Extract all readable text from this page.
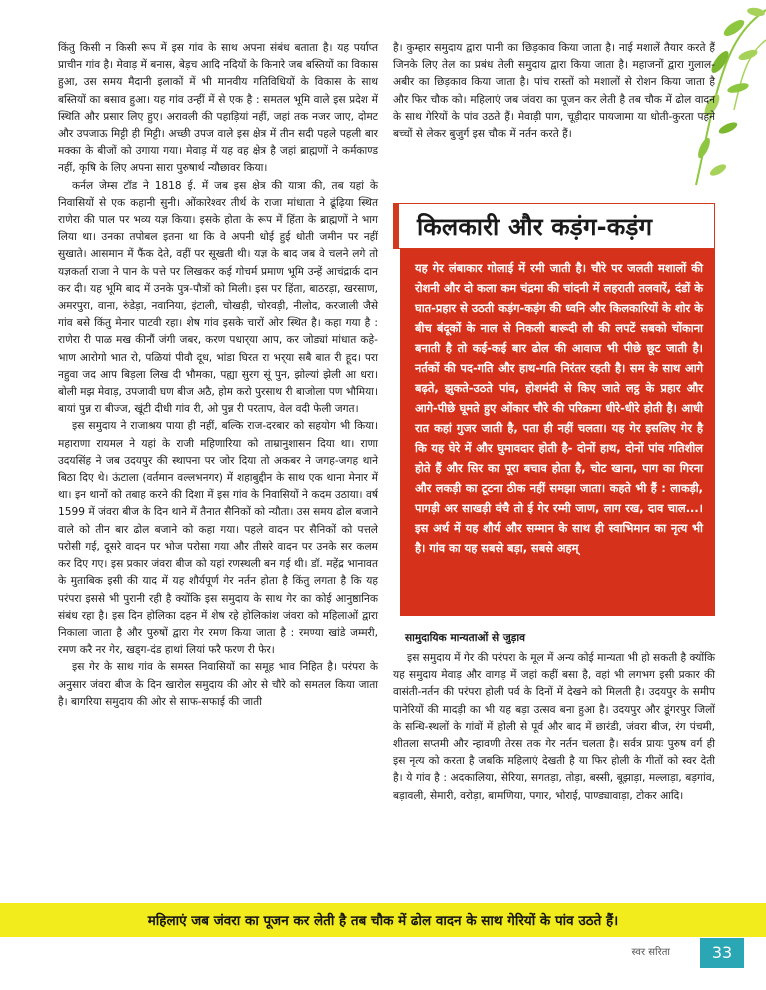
किंतु किसी न किसी रूप में इस गांव के साथ अपना संबंध बताता है। यह पर्याप्त प्राचीन गांव है। मेवाड़ में बनास, बेड़च आदि नदियों के किनारे जब बस्तियों का विकास हुआ, उस समय मैदानी इलाकों में भी मानवीय गतिविधियों के विकास के साथ बस्तियों का बसाव हुआ। यह गांव उन्हीं में से एक है : समतल भूमि वाले इस प्रदेश में स्थिति और प्रसार लिए हुए। अरावली की पहाड़ियां नहीं, जहां तक नजर जाए, दोमट और उपजाऊ मिट्टी ही मिट्टी। अच्छी उपज वाले इस क्षेत्र में तीन सदी पहले पहली बार मक्का के बीजों को उगाया गया। मेवाड़ में यह वह क्षेत्र है जहां ब्राह्मणों ने कर्मकाण्ड नहीं, कृषि के लिए अपना सारा पुरुषार्थ न्यौछावर किया।

कर्नल जेम्स टॉड ने 1818 ई. में जब इस क्षेत्र की यात्रा की, तब यहां के निवासियों से एक कहानी सुनी। ओंकारेश्वर तीर्थ के राजा मांधाता ने ढूंढ़िया स्थित राणेरा की पाल पर भव्य यज्ञ किया। इसके होता के रूप में हिंता के ब्राह्मणों ने भाग लिया था। उनका तपोबल इतना था कि वे अपनी धोई हुई धोती जमीन पर नहीं सुखाते। आसमान में फैंक देते, वहीं पर सूखती थी। यज्ञ के बाद जब वे चलने लगे तो यज्ञकर्ता राजा ने पान के पत्ते पर लिखकर कई गोचर्म प्रमाण भूमि उन्हें आचंद्रार्क दान कर दी। यह भूमि बाद में उनके पुत्र-पौत्रों को मिली। इस पर हिंता, बाठरड़ा, खरसाण, अमरपुरा, वाना, रुंडेड़ा, नवानिया, इंटाली, चोखड़ी, चोरवड़ी, नीलोद, करजाली जैसे गांव बसे किंतु मेनार पाटवी रहा। शेष गांव इसके चारों ओर स्थित है। कहा गया है : राणेरा री पाळ मख कीनौं जंगी जबर, करण पधार्‌या आप, कर जोड्यां मांधात कहे- भाण आरोगो भात रो, पळियां पीवौ दूध, भांडा घिरत रा भर्‌या सबै बात री हूद। परा नहुवा जद आप बिड़ला लिख दी भौमका, पह्या सुरग सूं पुन, झोल्यां झेली आ धरा। बोली मझ मेवाड़, उपजावी घण बीज अठै, होम करो पुरसाथ री बाजोला पण भौमिया। बायां पुन्न रा बीज्ज, खूंटी दीधी गांव री, ओ पुन्न री परताप, वेल वदी फेली जगत।

इस समुदाय ने राजाश्रय पाया ही नहीं, बल्कि राज-दरबार को सहयोग भी किया। महाराणा रायमल ने यहां के राजी महिणारिया को ताम्रानुशासन दिया था। राणा उदयसिंह ने जब उदयपुर की स्थापना पर जोर दिया तो अकबर ने जगह-जगह थाने बिठा दिए थे। ऊंटाला (वर्तमान वल्लभनगर) में शहाबुद्दीन के साथ एक थाना मेनार में था। इन थानों को तबाह करने की दिशा में इस गांव के निवासियों ने कदम उठाया। वर्ष 1599 में जंवरा बीज के दिन थाने में तैनात सैनिकों को न्यौता। उस समय ढोल बजाने वाले को तीन बार ढोल बजाने को कहा गया। पहले वादन पर सैनिकों को पत्तले परोसी गई, दूसरे वादन पर भोज परोसा गया और तीसरे वादन पर उनके सर कलम कर दिए गए। इस प्रकार जंवरा बीज को यहां रणस्थली बन गई थी। डॉ. महेंद्र भानावत के मुताबिक इसी की याद में यह शौर्यपूर्ण गेर नर्तन होता है किंतु लगता है कि यह परंपरा इससे भी पुरानी रही है क्योंकि इस समुदाय के साथ गेर का कोई आनुष्ठानिक संबंध रहा है। इस दिन होलिका दहन में शेष रहे होलिकांश जंवरा को महिलाओं द्वारा निकाला जाता है और पुरुषों द्वारा गेर रमण किया जाता है : रमण्या खांडे जम्मरी, रमण करै नर गेर, खड्ग-दंड हाथां लियां फरै फरण री फेर।

इस गेर के साथ गांव के समस्त निवासियों का समूह भाव निहित है। परंपरा के अनुसार जंवरा बीज के दिन खारोल समुदाय की ओर से चौरे को समतल किया जाता है। बागरिया समुदाय की ओर से साफ-सफाई की जाती

है। कुम्हार समुदाय द्वारा पानी का छिड़काव किया जाता है। नाई मशालें तैयार करते हैं जिनके लिए तेल का प्रबंध तेली समुदाय द्वारा किया जाता है। महाजनों द्वारा गुलाल-अबीर का छिड़काव किया जाता है। पांच रास्तों को मशालों से रोशन किया जाता है और फिर चौक को। महिलाएं जब जंवरा का पूजन कर लेती है तब चौक में ढोल वादन के साथ गेरियों के पांव उठते हैं। मेवाड़ी पाग, चूड़ीदार पायजामा या धोती-कुरता पहने बच्चों से लेकर बुजुर्ग इस चौक में नर्तन करते हैं।

किलकारी और कड़ंग-कड़ंग
यह गेर लंबाकार गोलाई में रमी जाती है। चौरे पर जलती मशालों की रोशनी और दो कला कम चंद्रमा की चांदनी में लहराती तलवारें, दंडों के घात-प्रहार से उठती कड़ंग-कड़ंग की ध्वनि और किलकारियों के शोर के बीच बंदूकों के नाल से निकली बारूदी लौ की लपटें सबको चोंकाना बनाती है तो कई-कई बार ढोल की आवाज भी पीछे छूट जाती है। नर्तकों की पद-गति और हाथ-गति निरंतर रहती है। सम के साथ आगे बढ़ते, झुकते-उठते पांव, होशमंदी से किए जाते लट्ठ के प्रहार और आगे-पीछे घूमते हुए ओंकार चौरे की परिक्रमा धीरे-धीरे होती है। आधी रात कहां गुजर जाती है, पता ही नहीं चलता। यह गेर इसलिए गेर है कि यह घेरे में और घुमावदार होती है- दोनों हाथ, दोनों पांव गतिशील होते हैं और सिर का पूरा बचाव होता है, चोट खाना, पाग का गिरना और लकड़ी का टूटना ठीक नहीं समझा जाता। कहते भी हैं : लाकड़ी, पागड़ी अर साखड़ी वंचै तो ई गेर रम्मी जाण, लाग रख, दाव चाल...। इस अर्थ में यह शौर्य और सम्मान के साथ ही स्वाभिमान का नृत्य भी है। गांव का यह सबसे बड़ा, सबसे अहम्
सामुदायिक मान्यताओं से जुड़ाव

इस समुदाय में गेर की परंपरा के मूल में अन्य कोई मान्यता भी हो सकती है क्योंकि यह समुदाय मेवाड़ और वागड़ में जहां कहीं बसा है, वहां भी लगभग इसी प्रकार की वासंती-नर्तन की परंपरा होली पर्व के दिनों में देखने को मिलती है। उदयपुर के समीप पानेरियों की मादड़ी का भी यह बड़ा उत्सव बना हुआ है। उदयपुर और डूंगरपुर जिलों के सन्धि-स्थलों के गांवों में होली से पूर्व और बाद में छारंडी, जंवरा बीज, रंग पंचमी, शीतला सप्तमी और न्हावणी तेरस तक गेर नर्तन चलता है। सर्वत्र प्रायः पुरुष वर्ग ही इस नृत्य को करता है जबकि महिलाएं देखती है या फिर होली के गीतों को स्वर देती है। ये गांव है : अदकालिया, सेरिया, सगतड़ा, तोड़ा, बस्सी, बूझाड़ा, मल्लाड़ा, बड़गांव, बड़ावली, सेमारी, वरोड़ा, बामणिया, पगार, भोराई, पाण्ड्यावाड़ा, टोकर आदि।

महिलाएं जब जंवरा का पूजन कर लेती है तब चौक में ढोल वादन के साथ गेरियों के पांव उठते हैं।
स्वर सरिता	33
